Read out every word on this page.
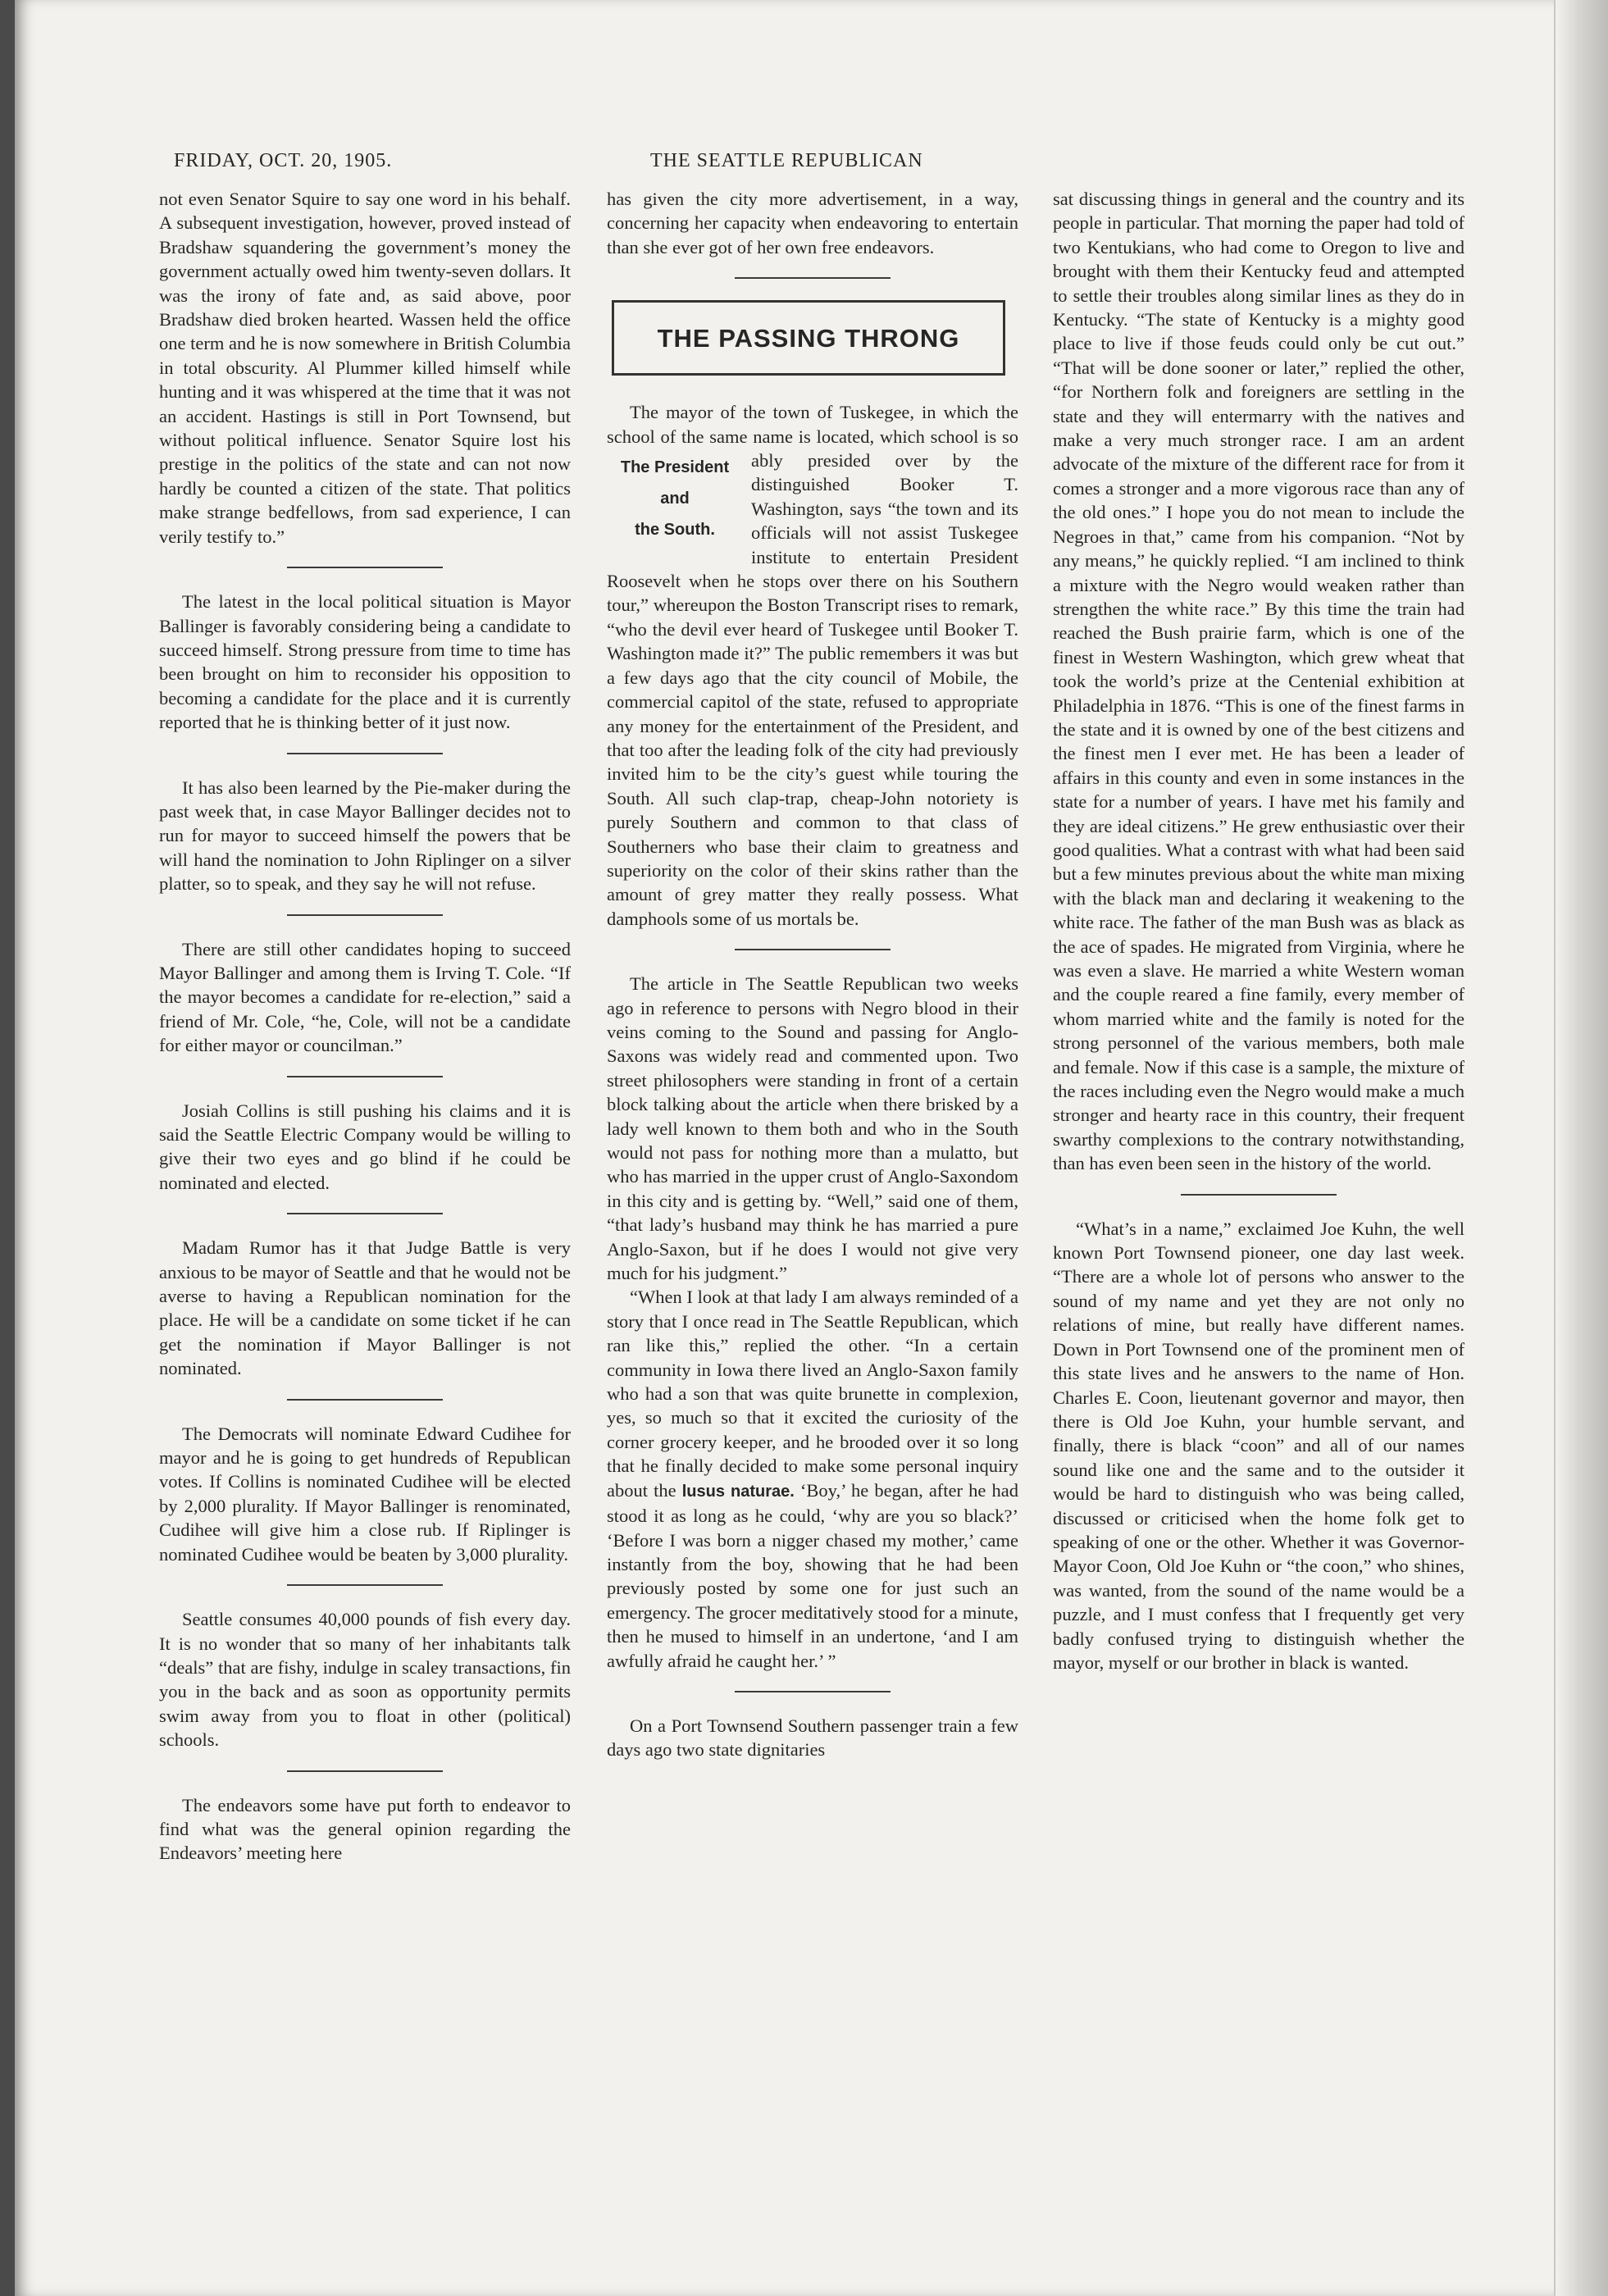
FRIDAY, OCT. 20, 1905.	THE SEATTLE REPUBLICAN

not even Senator Squire to say one word in his behalf. A subsequent investigation, however, proved instead of Bradshaw squandering the government’s money the government actually owed him twenty-seven dollars. It was the irony of fate and, as said above, poor Bradshaw died broken hearted. Wassen held the office one term and he is now somewhere in British Columbia in total obscurity. Al Plummer killed himself while hunting and it was whispered at the time that it was not an accident. Hastings is still in Port Townsend, but without political influence. Senator Squire lost his prestige in the politics of the state and can not now hardly be counted a citizen of the state. That politics make strange bedfellows, from sad experience, I can verily testify to.”

The latest in the local political situation is Mayor Ballinger is favorably considering being a candidate to succeed himself. Strong pressure from time to time has been brought on him to reconsider his opposition to becoming a candidate for the place and it is currently reported that he is thinking better of it just now.

It has also been learned by the Pie-maker during the past week that, in case Mayor Ballinger decides not to run for mayor to succeed himself the powers that be will hand the nomination to John Riplinger on a silver platter, so to speak, and they say he will not refuse.

There are still other candidates hoping to succeed Mayor Ballinger and among them is Irving T. Cole. “If the mayor becomes a candidate for re-election,” said a friend of Mr. Cole, “he, Cole, will not be a candidate for either mayor or councilman.”

Josiah Collins is still pushing his claims and it is said the Seattle Electric Company would be willing to give their two eyes and go blind if he could be nominated and elected.

Madam Rumor has it that Judge Battle is very anxious to be mayor of Seattle and that he would not be averse to having a Republican nomination for the place. He will be a candidate on some ticket if he can get the nomination if Mayor Ballinger is not nominated.

The Democrats will nominate Edward Cudihee for mayor and he is going to get hundreds of Republican votes. If Collins is nominated Cudihee will be elected by 2,000 plurality. If Mayor Ballinger is renominated, Cudihee will give him a close rub. If Riplinger is nominated Cudihee would be beaten by 3,000 plurality.

Seattle consumes 40,000 pounds of fish every day. It is no wonder that so many of her inhabitants talk “deals” that are fishy, indulge in scaley transactions, fin you in the back and as soon as opportunity permits swim away from you to float in other (political) schools.

The endeavors some have put forth to endeavor to find what was the general opinion regarding the Endeavors’ meeting here

has given the city more advertisement, in a way, concerning her capacity when endeavoring to entertain than she ever got of her own free endeavors.

THE PASSING THRONG

The mayor of the town of Tuskegee, in which the school of the same name is located, which school is so ably presided over
The President
and
the South.
by the distinguished Booker T. Washington, says “the town and its officials will not assist Tuskegee institute to entertain President Roosevelt when he stops over there on his Southern tour,” whereupon the Boston Transcript rises to remark, “who the devil ever heard of Tuskegee until Booker T. Washington made it?” The public remembers it was but a few days ago that the city council of Mobile, the commercial capitol of the state, refused to appropriate any money for the entertainment of the President, and that too after the leading folk of the city had previously invited him to be the city’s guest while touring the South. All such clap-trap, cheap-John notoriety is purely Southern and common to that class of Southerners who base their claim to greatness and superiority on the color of their skins rather than the amount of grey matter they really possess. What damphools some of us mortals be.

The article in The Seattle Republican two weeks ago in reference to persons with Negro blood in their veins coming to the Sound and passing for Anglo-Saxons was widely read and commented upon. Two street philosophers were standing in front of a certain block talking about the article when there brisked by a lady well known to them both and who in the South would not pass for nothing more than a mulatto, but who has married in the upper crust of Anglo-Saxondom in this city and is getting by. “Well,” said one of them, “that lady’s husband may think he has married a pure Anglo-Saxon, but if he does I would not give very much for his judgment.”

“When I look at that lady I am always reminded of a story that I once read in The Seattle Republican, which ran like this,” replied the other. “In a certain community in Iowa there lived an Anglo-Saxon family who had a son that was quite brunette in complexion, yes, so much so that it excited the curiosity of the corner grocery keeper, and he brooded over it so long that he finally decided to make some personal inquiry about the lusus naturae. ‘Boy,’ he began, after he had stood it as long as he could, ‘why are you so black?’ ‘Before I was born a nigger chased my mother,’ came instantly from the boy, showing that he had been previously posted by some one for just such an emergency. The grocer meditatively stood for a minute, then he mused to himself in an undertone, ‘and I am awfully afraid he caught her.’ ”

On a Port Townsend Southern passenger train a few days ago two state dignitaries

sat discussing things in general and the country and its people in particular. That morning the paper had told of two Kentukians, who had come to Oregon to live and brought with them their Kentucky feud and attempted to settle their troubles along similar lines as they do in Kentucky. “The state of Kentucky is a mighty good place to live if those feuds could only be cut out.” “That will be done sooner or later,” replied the other, “for Northern folk and foreigners are settling in the state and they will entermarry with the natives and make a very much stronger race. I am an ardent advocate of the mixture of the different race for from it comes a stronger and a more vigorous race than any of the old ones.” I hope you do not mean to include the Negroes in that,” came from his companion. “Not by any means,” he quickly replied. “I am inclined to think a mixture with the Negro would weaken rather than strengthen the white race.” By this time the train had reached the Bush prairie farm, which is one of the finest in Western Washington, which grew wheat that took the world’s prize at the Centenial exhibition at Philadelphia in 1876. “This is one of the finest farms in the state and it is owned by one of the best citizens and the finest men I ever met. He has been a leader of affairs in this county and even in some instances in the state for a number of years. I have met his family and they are ideal citizens.” He grew enthusiastic over their good qualities. What a contrast with what had been said but a few minutes previous about the white man mixing with the black man and declaring it weakening to the white race. The father of the man Bush was as black as the ace of spades. He migrated from Virginia, where he was even a slave. He married a white Western woman and the couple reared a fine family, every member of whom married white and the family is noted for the strong personnel of the various members, both male and female. Now if this case is a sample, the mixture of the races including even the Negro would make a much stronger and hearty race in this country, their frequent swarthy complexions to the contrary notwithstanding, than has even been seen in the history of the world.

“What’s in a name,” exclaimed Joe Kuhn, the well known Port Townsend pioneer, one day last week. “There are a whole lot of persons who answer to the sound of my name and yet they are not only no relations of mine, but really have different names. Down in Port Townsend one of the prominent men of this state lives and he answers to the name of Hon. Charles E. Coon, lieutenant governor and mayor, then there is Old Joe Kuhn, your humble servant, and finally, there is black “coon” and all of our names sound like one and the same and to the outsider it would be hard to distinguish who was being called, discussed or criticised when the home folk get to speaking of one or the other. Whether it was Governor-Mayor Coon, Old Joe Kuhn or “the coon,” who shines, was wanted, from the sound of the name would be a puzzle, and I must confess that I frequently get very badly confused trying to distinguish whether the mayor, myself or our brother in black is wanted.
